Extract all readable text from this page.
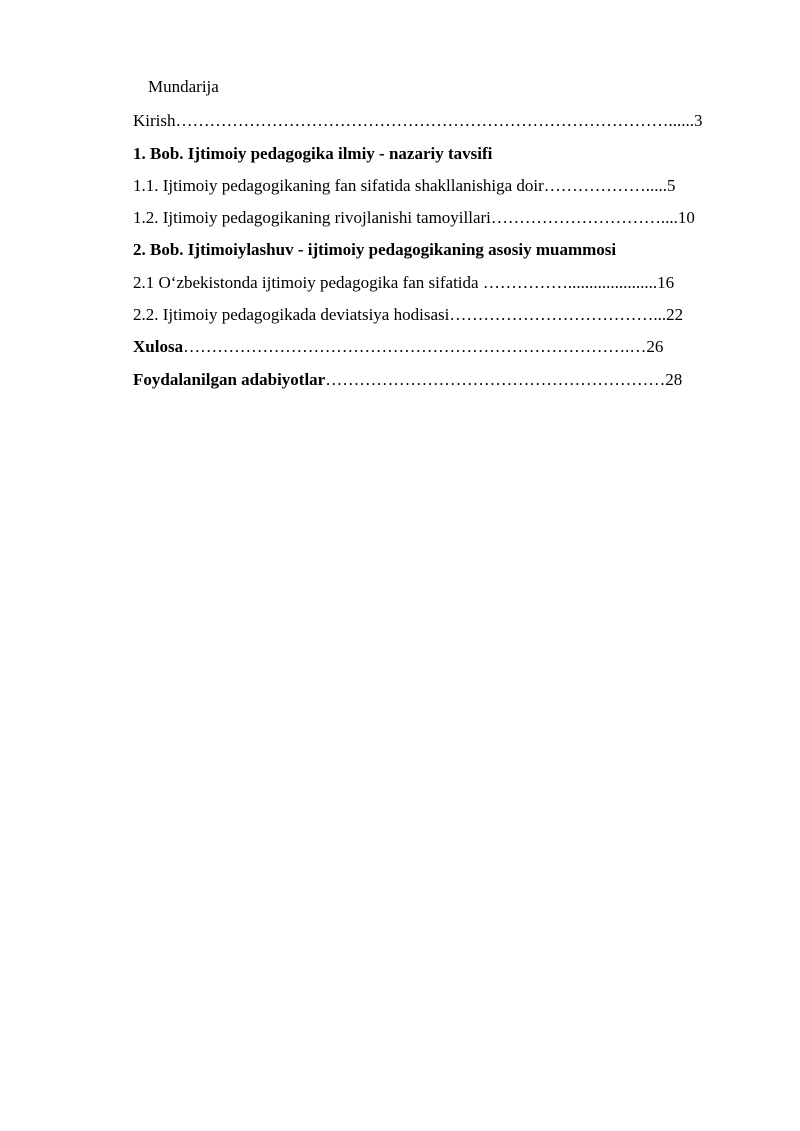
Mundarija
Kirish……………………………………………………………………………......3
1. Bob. Ijtimoiy pedagogika ilmiy - nazariy tavsifi
1.1. Ijtimoiy pedagogikaning fan sifatida shakllanishiga doir……………….....5
1.2. Ijtimoiy pedagogikaning rivojlanishi tamoyillari…………………………....10
2. Bob. Ijtimoiylashuv - ijtimoiy pedagogikaning asosiy muammosi
2.1 O‘zbekistonda ijtimoiy pedagogika fan sifatida …………….....................16
2.2. Ijtimoiy pedagogikada deviatsiya hodisasi………………………………...22
Xulosa…………………………………………………………………….…26
Foydalanilgan adabiyotlar……………………………………………………28
